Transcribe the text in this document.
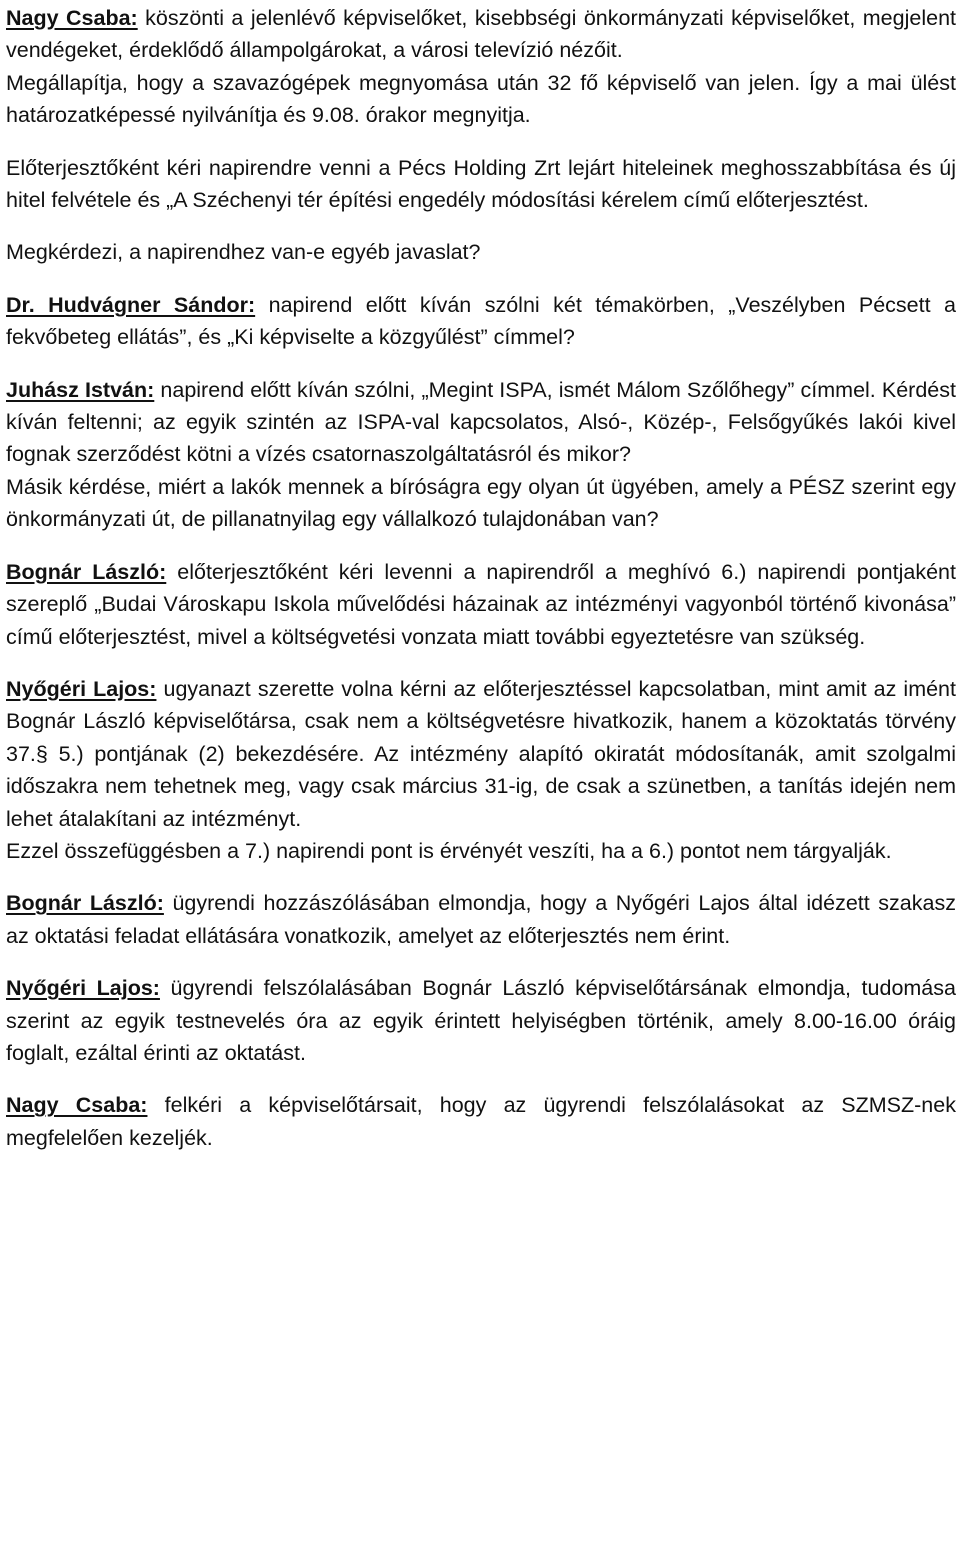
Nagy Csaba: köszönti a jelenlévő képviselőket, kisebbségi önkormányzati képviselőket, megjelent vendégeket, érdeklődő állampolgárokat, a városi televízió nézőit.

Megállapítja, hogy a szavazógépek megnyomása után 32 fő képviselő van jelen. Így a mai ülést határozatképessé nyilvánítja és 9.08. órakor megnyitja.

Előterjesztőként kéri napirendre venni a Pécs Holding Zrt lejárt hiteleinek meghosszabbítása és új hitel felvétele és „A Széchenyi tér építési engedély módosítási kérelem című előterjesztést.

Megkérdezi, a napirendhez van-e egyéb javaslat?

Dr. Hudvágner Sándor: napirend előtt kíván szólni két témakörben, „Veszélyben Pécsett a fekvőbeteg ellátás”, és „Ki képviselte a közgyűlést” címmel?

Juhász István: napirend előtt kíván szólni, „Megint ISPA, ismét Málom Szőlőhegy” címmel. Kérdést kíván feltenni; az egyik szintén az ISPA-val kapcsolatos, Alsó-, Közép-, Felsőgyűkés lakói kivel fognak szerződést kötni a vízés csatornaszolgáltatásról és mikor?

Másik kérdése, miért a lakók mennek a bíróságra egy olyan út ügyében, amely a PÉSZ szerint egy önkormányzati út, de pillanatnyilag egy vállalkozó tulajdonában van?

Bognár László: előterjesztőként kéri levenni a napirendről a meghívó 6.) napirendi pontjaként szereplő „Budai Városkapu Iskola művelődési házainak az intézményi vagyonból történő kivonása” című előterjesztést, mivel a költségvetési vonzata miatt további egyeztetésre van szükség.

Nyőgéri Lajos: ugyanazt szerette volna kérni az előterjesztéssel kapcsolatban, mint amit az imént Bognár László képviselőtársa, csak nem a költségvetésre hivatkozik, hanem a közoktatás törvény 37.§ 5.) pontjának (2) bekezdésére. Az intézmény alapító okiratát módosítanák, amit szolgalmi időszakra nem tehetnek meg, vagy csak március 31-ig, de csak a szünetben, a tanítás idején nem lehet átalakítani az intézményt.

Ezzel összefüggésben a 7.) napirendi pont is érvényét veszíti, ha a 6.) pontot nem tárgyalják.

Bognár László: ügyrendi hozzászólásában elmondja, hogy a Nyőgéri Lajos által idézett szakasz az oktatási feladat ellátására vonatkozik, amelyet az előterjesztés nem érint.

Nyőgéri Lajos: ügyrendi felszólalásában Bognár László képviselőtársának elmondja, tudomása szerint az egyik testnevelés óra az egyik érintett helyiségben történik, amely 8.00-16.00 óráig foglalt, ezáltal érinti az oktatást.

Nagy Csaba: felkéri a képviselőtársait, hogy az ügyrendi felszólalásokat az SZMSZ-nek megfelelően kezeljék.
